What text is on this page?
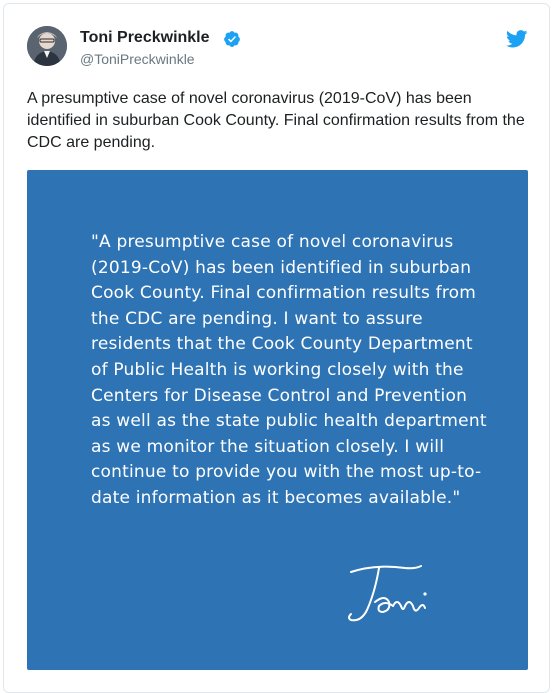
Toni Preckwinkle
@ToniPreckwinkle

A presumptive case of novel coronavirus (2019-CoV) has been identified in suburban Cook County. Final confirmation results from the CDC are pending.

"A presumptive case of novel coronavirus (2019-CoV) has been identified in suburban Cook County. Final confirmation results from the CDC are pending. I want to assure residents that the Cook County Department of Public Health is working closely with the Centers for Disease Control and Prevention as well as the state public health department as we monitor the situation closely. I will continue to provide you with the most up-to-date information as it becomes available."
